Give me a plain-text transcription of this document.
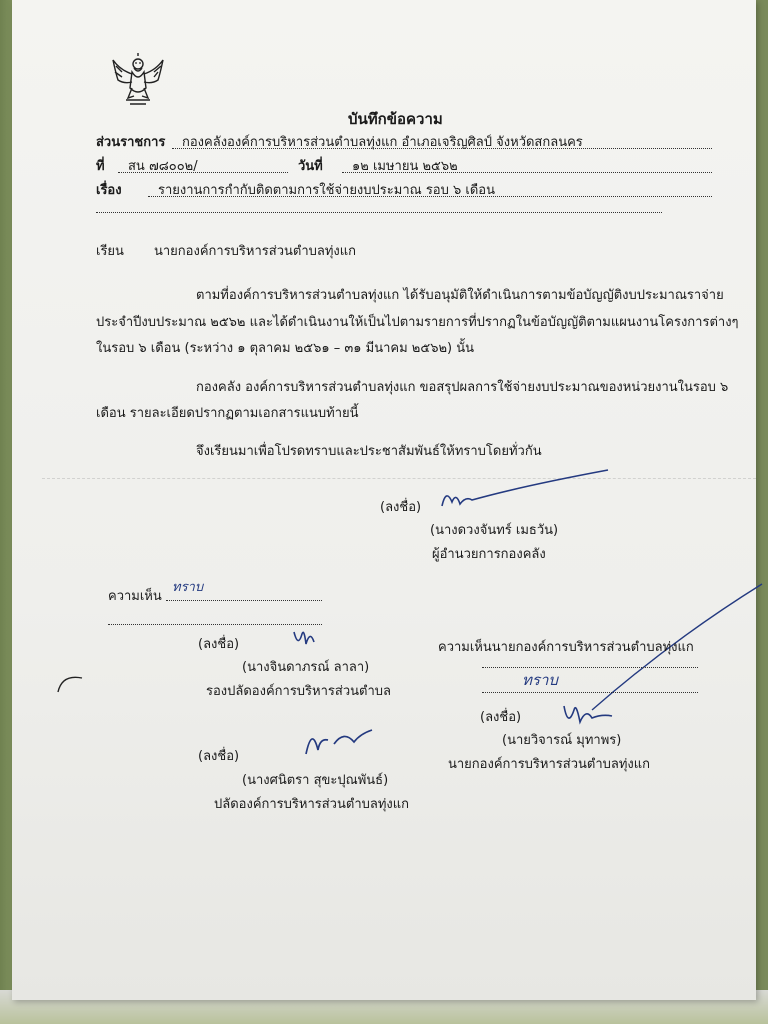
บันทึกข้อความ
ส่วนราชการ กองคลังองค์การบริหารส่วนตำบลทุ่งแก อำเภอเจริญศิลป์ จังหวัดสกลนคร
ที่ สน ๗๘๐๐๒/	วันที่ ๑๒ เมษายน ๒๕๖๒
เรื่อง	รายงานการกำกับติดตามการใช้จ่ายงบประมาณ รอบ ๖ เดือน
เรียน นายกองค์การบริหารส่วนตำบลทุ่งแก
ตามที่องค์การบริหารส่วนตำบลทุ่งแก ได้รับอนุมัติให้ดำเนินการตามข้อบัญญัติงบประมาณราจ่าย
ประจำปีงบประมาณ ๒๕๖๒ และได้ดำเนินงานให้เป็นไปตามรายการที่ปรากฏในข้อบัญญัติตามแผนงานโครงการต่างๆ
ในรอบ ๖ เดือน (ระหว่าง ๑ ตุลาคม ๒๕๖๑ – ๓๑ มีนาคม ๒๕๖๒) นั้น
กองคลัง องค์การบริหารส่วนตำบลทุ่งแก ขอสรุปผลการใช้จ่ายงบประมาณของหน่วยงานในรอบ ๖
เดือน รายละเอียดปรากฏตามเอกสารแนบท้ายนี้
จึงเรียนมาเพื่อโปรดทราบและประชาสัมพันธ์ให้ทราบโดยทั่วกัน
(ลงชื่อ)
(นางดวงจันทร์ เมธวัน)
ผู้อำนวยการกองคลัง
ความเห็น
ทราบ
(ลงชื่อ)
(นางจินดาภรณ์ ลาลา)
รองปลัดองค์การบริหารส่วนตำบล
ความเห็นนายกองค์การบริหารส่วนตำบลทุ่งแก
ทราบ
(ลงชื่อ)
(นายวิจารณ์ มุทาพร)
นายกองค์การบริหารส่วนตำบลทุ่งแก
(ลงชื่อ)
(นางศนิตรา สุขะปุณพันธ์)
ปลัดองค์การบริหารส่วนตำบลทุ่งแก
